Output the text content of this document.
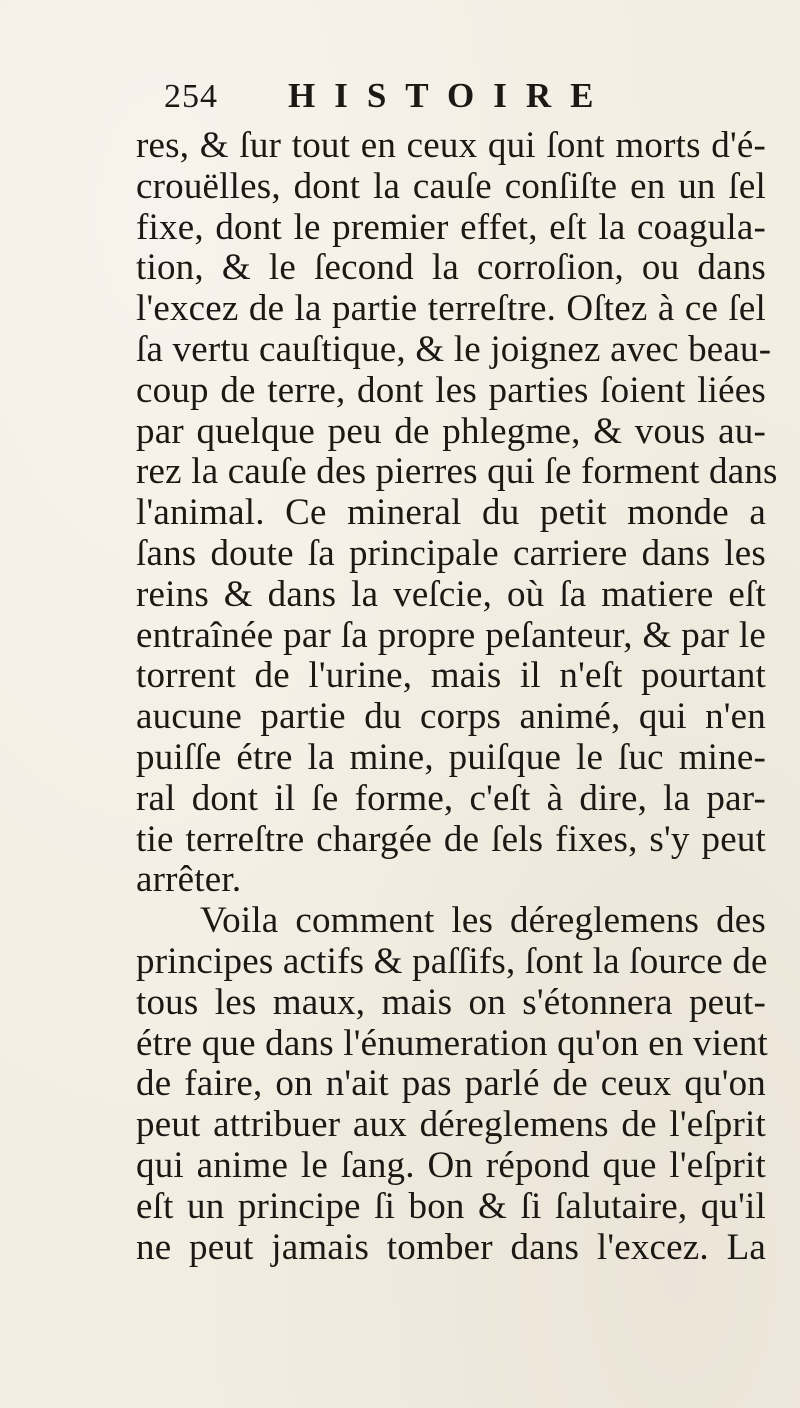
254 HISTOIRE
res, & ſur tout en ceux qui ſont morts d'é-
crouëlles, dont la cauſe conſiſte en un ſel
fixe, dont le premier effet, eſt la coagula-
tion, & le ſecond la corroſion, ou dans
l'excez de la partie terreſtre. Oſtez à ce ſel
ſa vertu cauſtique, & le joignez avec beau-
coup de terre, dont les parties ſoient liées
par quelque peu de phlegme, & vous au-
rez la cauſe des pierres qui ſe forment dans
l'animal. Ce mineral du petit monde a
ſans doute ſa principale carriere dans les
reins & dans la veſcie, où ſa matiere eſt
entraînée par ſa propre peſanteur, & par le
torrent de l'urine, mais il n'eſt pourtant
aucune partie du corps animé, qui n'en
puiſſe étre la mine, puiſque le ſuc mine-
ral dont il ſe forme, c'eſt à dire, la par-
tie terreſtre chargée de ſels fixes, s'y peut
arrêter.
Voila comment les déreglemens des
principes actifs & paſſifs, ſont la ſource de
tous les maux, mais on s'étonnera peut-
étre que dans l'énumeration qu'on en vient
de faire, on n'ait pas parlé de ceux qu'on
peut attribuer aux déreglemens de l'eſprit
qui anime le ſang. On répond que l'eſprit
eſt un principe ſi bon & ſi ſalutaire, qu'il
ne peut jamais tomber dans l'excez. La
